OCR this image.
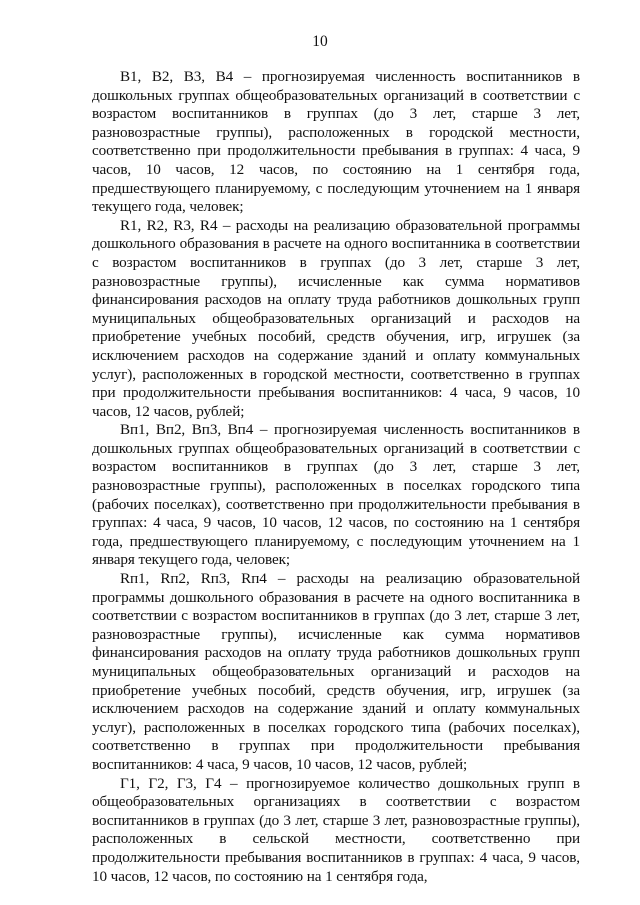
10

В1, В2, В3, В4 – прогнозируемая численность воспитанников в дошкольных группах общеобразовательных организаций в соответствии с возрастом воспитанников в группах (до 3 лет, старше 3 лет, разновозрастные группы), расположенных в городской местности, соответственно при продолжительности пребывания в группах: 4 часа, 9 часов, 10 часов, 12 часов, по состоянию на 1 сентября года, предшествующего планируемому, с последующим уточнением на 1 января текущего года, человек;

R1, R2, R3, R4 – расходы на реализацию образовательной программы дошкольного образования в расчете на одного воспитанника в соответствии с возрастом воспитанников в группах (до 3 лет, старше 3 лет, разновозрастные группы), исчисленные как сумма нормативов финансирования расходов на оплату труда работников дошкольных групп муниципальных общеобразовательных организаций и расходов на приобретение учебных пособий, средств обучения, игр, игрушек (за исключением расходов на содержание зданий и оплату коммунальных услуг), расположенных в городской местности, соответственно в группах при продолжительности пребывания воспитанников: 4 часа, 9 часов, 10 часов, 12 часов, рублей;

Вп1, Вп2, Вп3, Вп4 – прогнозируемая численность воспитанников в дошкольных группах общеобразовательных организаций в соответствии с возрастом воспитанников в группах (до 3 лет, старше 3 лет, разновозрастные группы), расположенных в поселках городского типа (рабочих поселках), соответственно при продолжительности пребывания в группах: 4 часа, 9 часов, 10 часов, 12 часов, по состоянию на 1 сентября года, предшествующего планируемому, с последующим уточнением на 1 января текущего года, человек;

Rп1, Rп2, Rп3, Rп4 – расходы на реализацию образовательной программы дошкольного образования в расчете на одного воспитанника в соответствии с возрастом воспитанников в группах (до 3 лет, старше 3 лет, разновозрастные группы), исчисленные как сумма нормативов финансирования расходов на оплату труда работников дошкольных групп муниципальных общеобразовательных организаций и расходов на приобретение учебных пособий, средств обучения, игр, игрушек (за исключением расходов на содержание зданий и оплату коммунальных услуг), расположенных в поселках городского типа (рабочих поселках), соответственно в группах при продолжительности пребывания воспитанников: 4 часа, 9 часов, 10 часов, 12 часов, рублей;

Г1, Г2, Г3, Г4 – прогнозируемое количество дошкольных групп в общеобразовательных организациях в соответствии с возрастом воспитанников в группах (до 3 лет, старше 3 лет, разновозрастные группы), расположенных в сельской местности, соответственно при продолжительности пребывания воспитанников в группах: 4 часа, 9 часов, 10 часов, 12 часов, по состоянию на 1 сентября года,
